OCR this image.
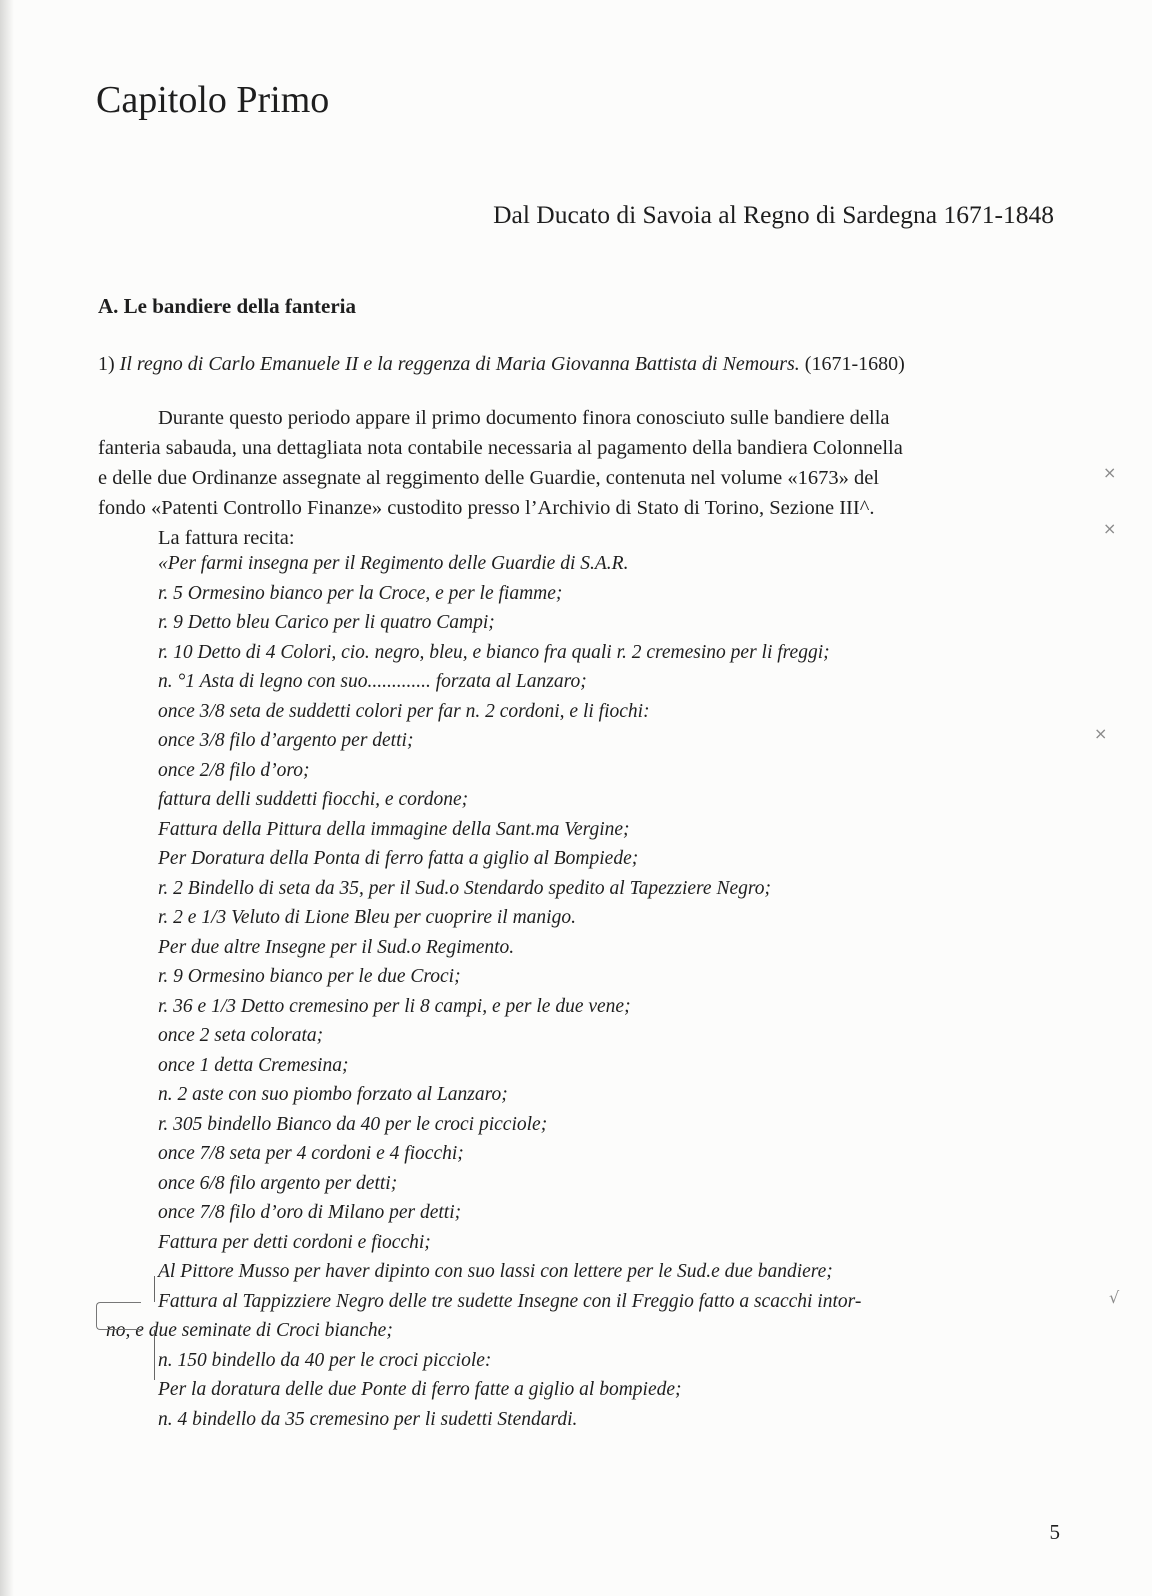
Capitolo Primo
Dal Ducato di Savoia al Regno di Sardegna 1671-1848
A. Le bandiere della fanteria
1) Il regno di Carlo Emanuele II e la reggenza di Maria Giovanna Battista di Nemours. (1671-1680)
Durante questo periodo appare il primo documento finora conosciuto sulle bandiere della
fanteria sabauda, una dettagliata nota contabile necessaria al pagamento della bandiera Colonnella
e delle due Ordinanze assegnate al reggimento delle Guardie, contenuta nel volume «1673» del
fondo «Patenti Controllo Finanze» custodito presso l’Archivio di Stato di Torino, Sezione III^.
La fattura recita:
«Per farmi insegna per il Regimento delle Guardie di S.A.R.
r. 5 Ormesino bianco per la Croce, e per le fiamme;
r. 9 Detto bleu Carico per li quatro Campi;
r. 10 Detto di 4 Colori, cio. negro, bleu, e bianco fra quali r. 2 cremesino per li freggi;
n. °1 Asta di legno con suo............. forzata al Lanzaro;
once 3/8 seta de suddetti colori per far n. 2 cordoni, e li fiochi:
once 3/8 filo d’argento per detti;
once 2/8 filo d’oro;
fattura delli suddetti fiocchi, e cordone;
Fattura della Pittura della immagine della Sant.ma Vergine;
Per Doratura della Ponta di ferro fatta a giglio al Bompiede;
r. 2 Bindello di seta da 35, per il Sud.o Stendardo spedito al Tapezziere Negro;
r. 2 e 1/3 Veluto di Lione Bleu per cuoprire il manigo.
Per due altre Insegne per il Sud.o Regimento.
r. 9 Ormesino bianco per le due Croci;
r. 36 e 1/3 Detto cremesino per li 8 campi, e per le due vene;
once 2 seta colorata;
once 1 detta Cremesina;
n. 2 aste con suo piombo forzato al Lanzaro;
r. 305 bindello Bianco da 40 per le croci picciole;
once 7/8 seta per 4 cordoni e 4 fiocchi;
once 6/8 filo argento per detti;
once 7/8 filo d’oro di Milano per detti;
Fattura per detti cordoni e fiocchi;
Al Pittore Musso per haver dipinto con suo lassi con lettere per le Sud.e due bandiere;
Fattura al Tappizziere Negro delle tre sudette Insegne con il Freggio fatto a scacchi intor-
no, e due seminate di Croci bianche;
n. 150 bindello da 40 per le croci picciole:
Per la doratura delle due Ponte di ferro fatte a giglio al bompiede;
n. 4 bindello da 35 cremesino per li sudetti Stendardi.
×
×
×
√
5
